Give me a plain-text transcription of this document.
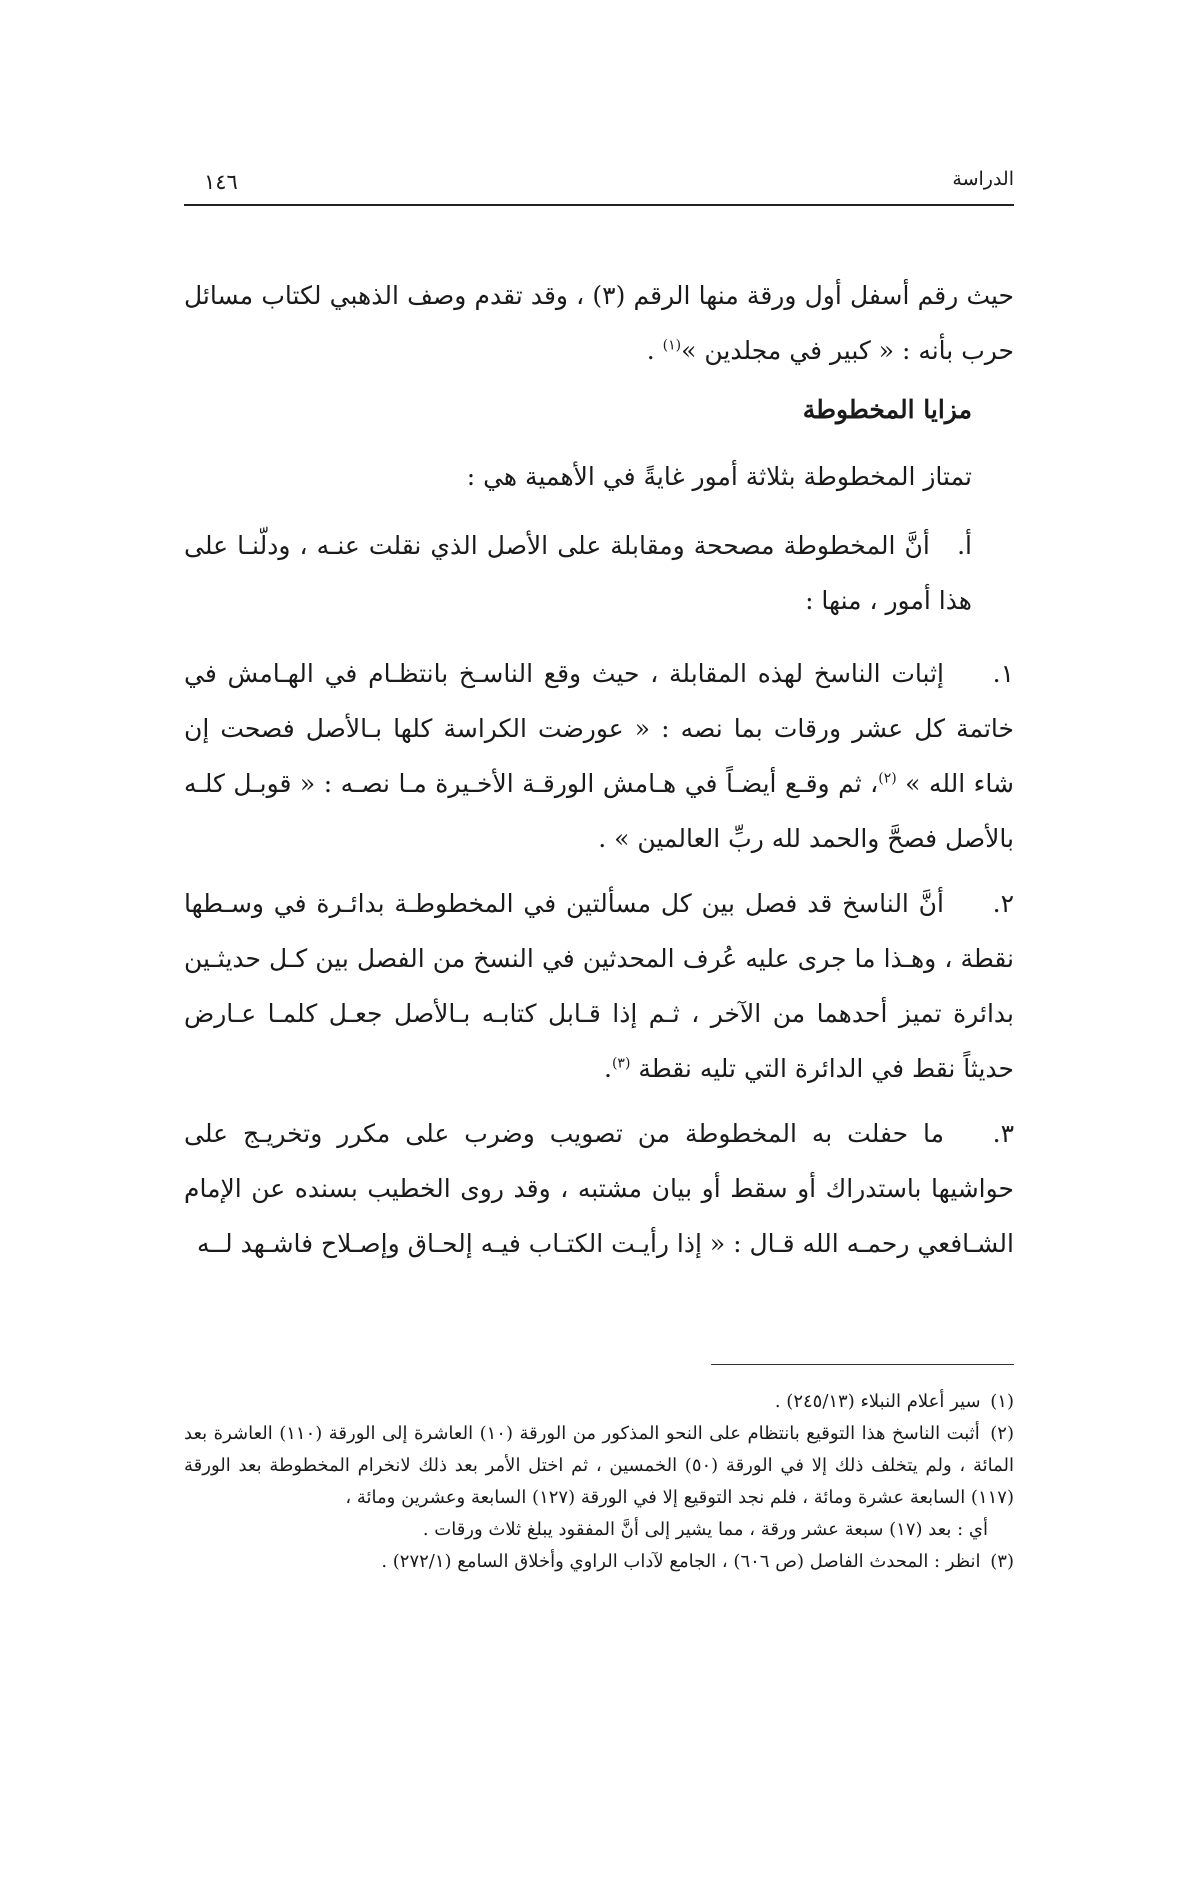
الدراسة
١٤٦

حيث رقم أسفل أول ورقة منها الرقم (٣) ، وقد تقدم وصف الذهبي لكتاب مسائل حرب بأنه : « كبير في مجلدين »$^{(١)}$ .

مزايا المخطوطة

تمتاز المخطوطة بثلاثة أمور غايةً في الأهمية هي :

أ.   أنَّ المخطوطة مصححة ومقابلة على الأصل الذي نقلت عنـه ، ودلّنـا على هذا أمور ، منها :

١.إثبات الناسخ لهذه المقابلة ، حيث وقع الناسـخ بانتظـام في الهـامش في خاتمة كل عشر ورقات بما نصه : « عورضت الكراسة كلها بـالأصل فصحت إن شاء الله » $^{(٢)}$، ثم وقـع أيضـاً في هـامش الورقـة الأخـيرة مـا نصـه : « قوبـل كلـه بالأصل فصحَّ والحمد لله ربِّ العالمين » .

٢.أنَّ الناسخ قد فصل بين كل مسألتين في المخطوطـة بدائـرة في وسـطها نقطة ، وهـذا ما جرى عليه عُرف المحدثين في النسخ من الفصل بين كـل حديثـين بدائرة تميز أحدهما من الآخر ، ثـم إذا قـابل كتابـه بـالأصل جعـل كلمـا عـارض حديثاً نقط في الدائرة التي تليه نقطة $^{(٣)}$.

٣.ما حفلت به المخطوطة من تصويب وضرب على مكرر وتخريـج على حواشيها باستدراك أو سقط أو بيان مشتبه ، وقد روى الخطيب بسنده عن الإمام الشـافعي رحمـه الله قـال : « إذا رأيـت الكتـاب فيـه إلحـاق وإصـلاح فاشـهد لــه

(١) سير أعلام النبلاء (٢٤٥/١٣) .

(٢) أثبت الناسخ هذا التوقيع بانتظام على النحو المذكور من الورقة (١٠) العاشرة إلى الورقة (١١٠) العاشرة بعد المائة ، ولم يتخلف ذلك إلا في الورقة (٥٠) الخمسين ، ثم اختل الأمر بعد ذلك لانخرام المخطوطة بعد الورقة (١١٧) السابعة عشرة ومائة ، فلم نجد التوقيع إلا في الورقة (١٢٧) السابعة وعشرين ومائة ،

أي : بعد (١٧) سبعة عشر ورقة ، مما يشير إلى أنَّ المفقود يبلغ ثلاث ورقات .

(٣) انظر : المحدث الفاصل (ص ٦٠٦) ، الجامع لآداب الراوي وأخلاق السامع (٢٧٢/١) .
